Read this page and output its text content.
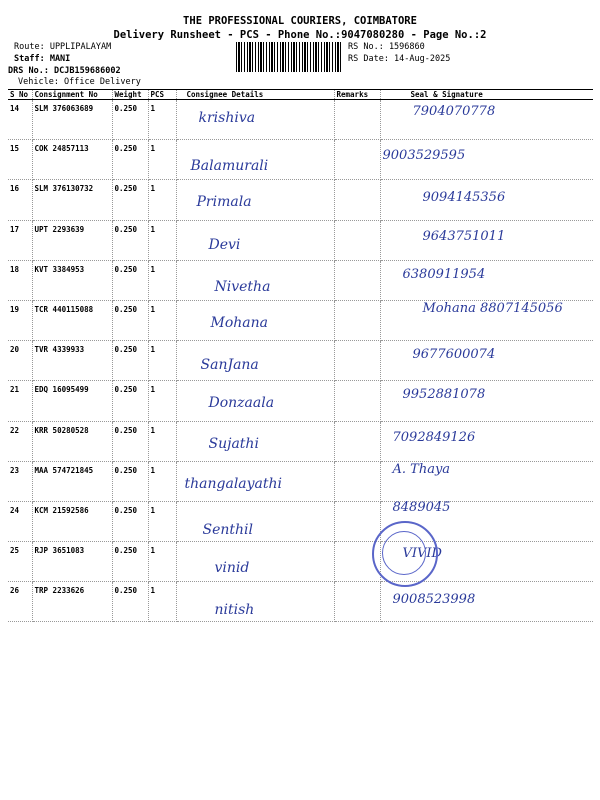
THE PROFESSIONAL COURIERS, COIMBATORE
Delivery Runsheet - PCS - Phone No.:9047080280 - Page No.:2
Route: UPPLIPALAYAM
Staff: MANI
DRS No.: DCJB159686002
Vehicle: Office Delivery
RS No.: 1596860
RS Date: 14-Aug-2025
S No	Consignment No	Weight	PCS	Consignee Details	Remarks	Seal & Signature
14	SLM 376063689	0.250	1	krishiva		7904070778
15	COK 24857113	0.250	1	Balamurali		9003529595
16	SLM 376130732	0.250	1	Primala		9094145356
17	UPT 2293639	0.250	1	Devi		9643751011
18	KVT 3384953	0.250	1	Nivetha		6380911954
19	TCR 440115088	0.250	1	Mohana		Mohana 8807145056
20	TVR 4339933	0.250	1	SanJana		9677600074
21	EDQ 16095499	0.250	1	Donzaala		9952881078
22	KRR 50280528	0.250	1	Sujathi		7092849126
23	MAA 574721845	0.250	1	thangalayathi		A. Thaya
24	KCM 21592586	0.250	1	Senthil		8489045
25	RJP 3651083	0.250	1	vinid		VIVID
26	TRP 2233626	0.250	1	nitish		9008523998
